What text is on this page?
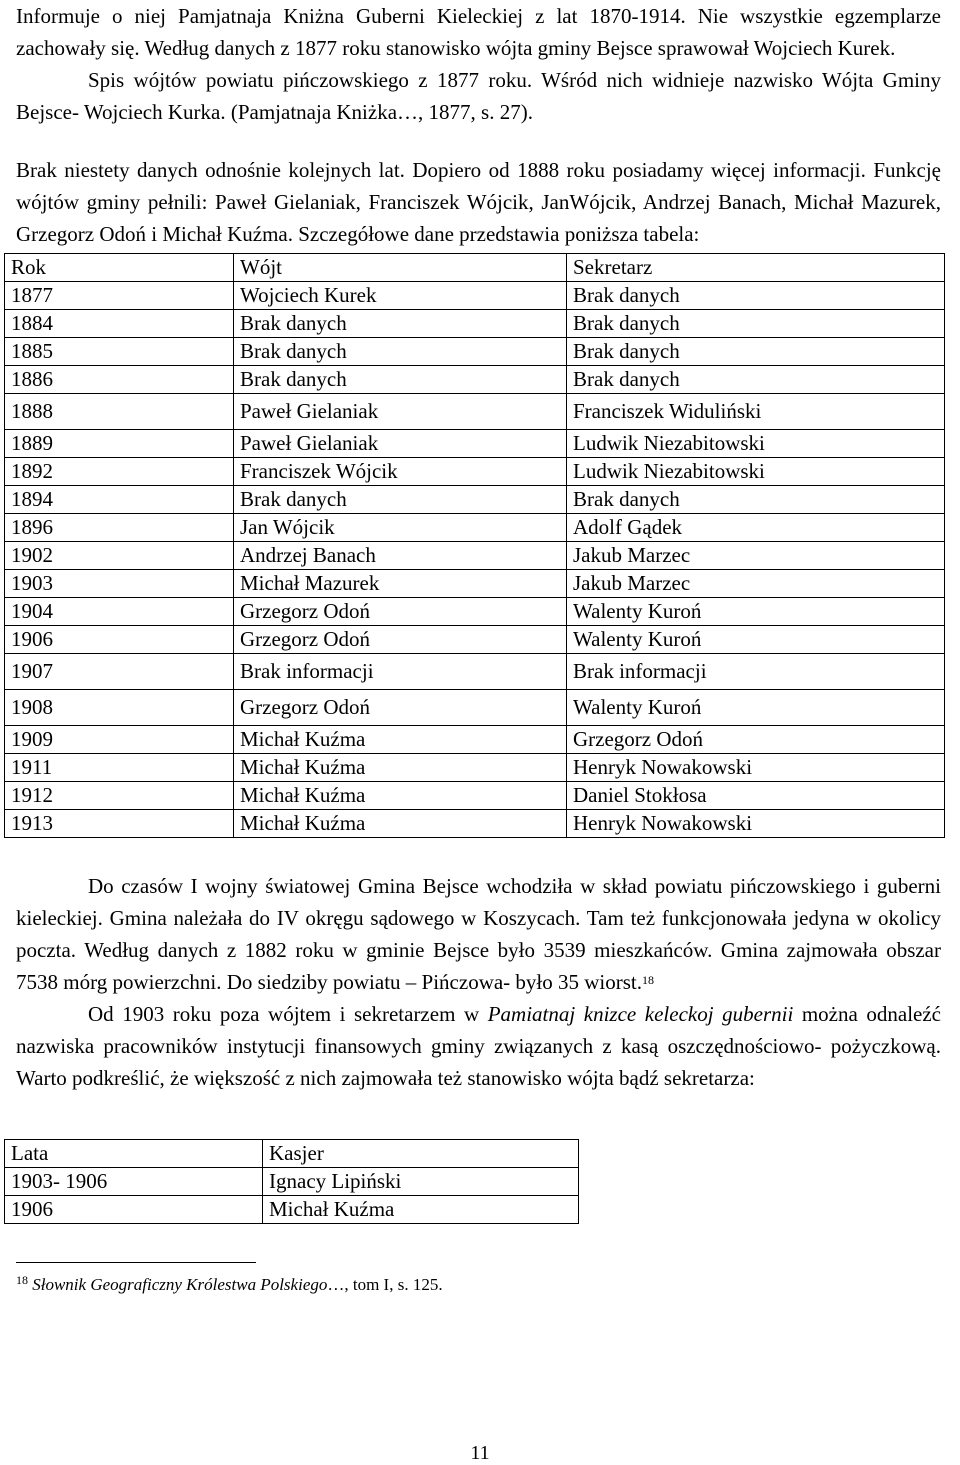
Informuje o niej Pamjatnaja Kniżna Guberni Kieleckiej z lat 1870-1914. Nie wszystkie egzemplarze zachowały się. Według danych z 1877 roku stanowisko wójta gminy Bejsce sprawował Wojciech Kurek.

Spis wójtów powiatu pińczowskiego z 1877 roku. Wśród nich widnieje nazwisko Wójta Gminy Bejsce- Wojciech Kurka. (Pamjatnaja Kniżka…, 1877, s. 27).

Brak niestety danych odnośnie kolejnych lat. Dopiero od 1888 roku posiadamy więcej informacji. Funkcję wójtów gminy pełnili: Paweł Gielaniak, Franciszek Wójcik, JanWójcik, Andrzej Banach, Michał Mazurek, Grzegorz Odoń i Michał Kuźma. Szczegółowe dane przedstawia poniższa tabela:

Rok	Wójt	Sekretarz
1877	Wojciech Kurek	Brak danych
1884	Brak danych	Brak danych
1885	Brak danych	Brak danych
1886	Brak danych	Brak danych
1888	Paweł Gielaniak	Franciszek Widuliński
1889	Paweł Gielaniak	Ludwik Niezabitowski
1892	Franciszek Wójcik	Ludwik Niezabitowski
1894	Brak danych	Brak danych
1896	Jan Wójcik	Adolf Gądek
1902	Andrzej Banach	Jakub Marzec
1903	Michał Mazurek	Jakub Marzec
1904	Grzegorz Odoń	Walenty Kuroń
1906	Grzegorz Odoń	Walenty Kuroń
1907	Brak informacji	Brak informacji
1908	Grzegorz Odoń	Walenty Kuroń
1909	Michał Kuźma	Grzegorz Odoń
1911	Michał Kuźma	Henryk Nowakowski
1912	Michał Kuźma	Daniel Stokłosa
1913	Michał Kuźma	Henryk Nowakowski

Do czasów I wojny światowej Gmina Bejsce wchodziła w skład powiatu pińczowskiego i guberni kieleckiej. Gmina należała do IV okręgu sądowego w Koszycach. Tam też funkcjonowała jedyna w okolicy poczta. Według danych z 1882 roku w gminie Bejsce było 3539 mieszkańców. Gmina zajmowała obszar 7538 mórg powierzchni. Do siedziby powiatu – Pińczowa- było 35 wiorst.$^{18}$

Od 1903 roku poza wójtem i sekretarzem w Pamiatnaj knizce keleckoj gubernii można odnaleźć nazwiska pracowników instytucji finansowych gminy związanych z kasą oszczędnościowo- pożyczkową. Warto podkreślić, że większość z nich zajmowała też stanowisko wójta bądź sekretarza:

Lata	Kasjer
1903- 1906	Ignacy Lipiński
1906	Michał Kuźma
$^{18}$ Słownik Geograficzny Królestwa Polskiego…, tom I, s. 125.
11
